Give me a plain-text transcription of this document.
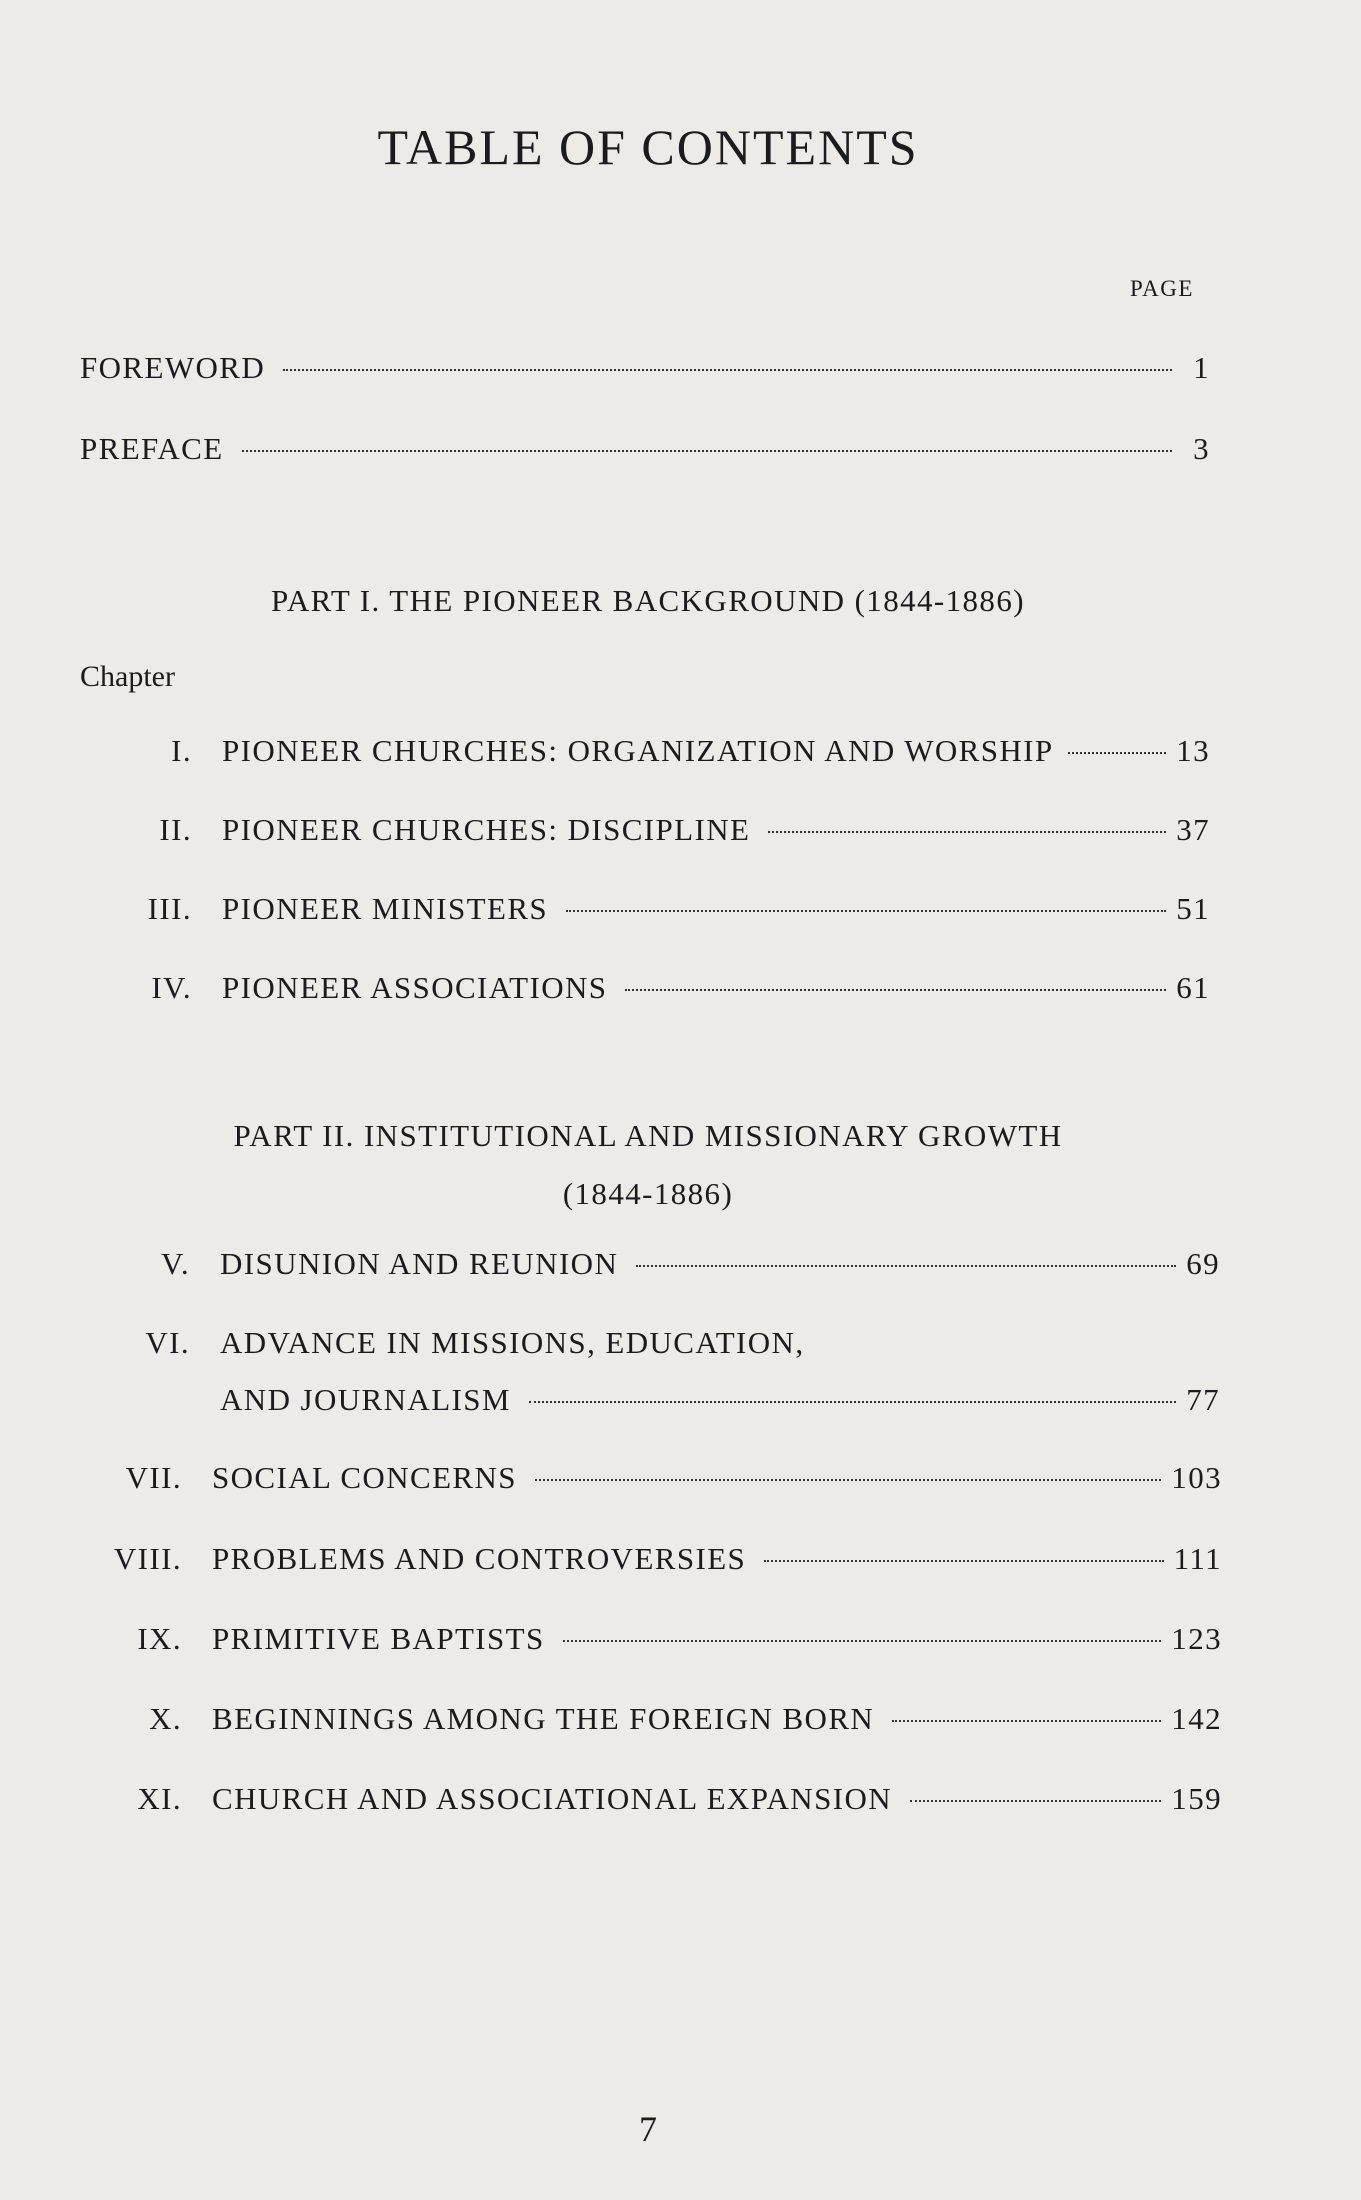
TABLE OF CONTENTS
PAGE
FOREWORD	1
PREFACE	3
PART I. THE PIONEER BACKGROUND (1844-1886)
Chapter
I. PIONEER CHURCHES: ORGANIZATION AND WORSHIP	13
II. PIONEER CHURCHES: DISCIPLINE	37
III. PIONEER MINISTERS	51
IV. PIONEER ASSOCIATIONS	61
PART II. INSTITUTIONAL AND MISSIONARY GROWTH
(1844-1886)
V. DISUNION AND REUNION	69
VI. ADVANCE IN MISSIONS, EDUCATION,
AND JOURNALISM	77
VII. SOCIAL CONCERNS	103
VIII. PROBLEMS AND CONTROVERSIES	111
IX. PRIMITIVE BAPTISTS	123
X. BEGINNINGS AMONG THE FOREIGN BORN	142
XI. CHURCH AND ASSOCIATIONAL EXPANSION	159
7
